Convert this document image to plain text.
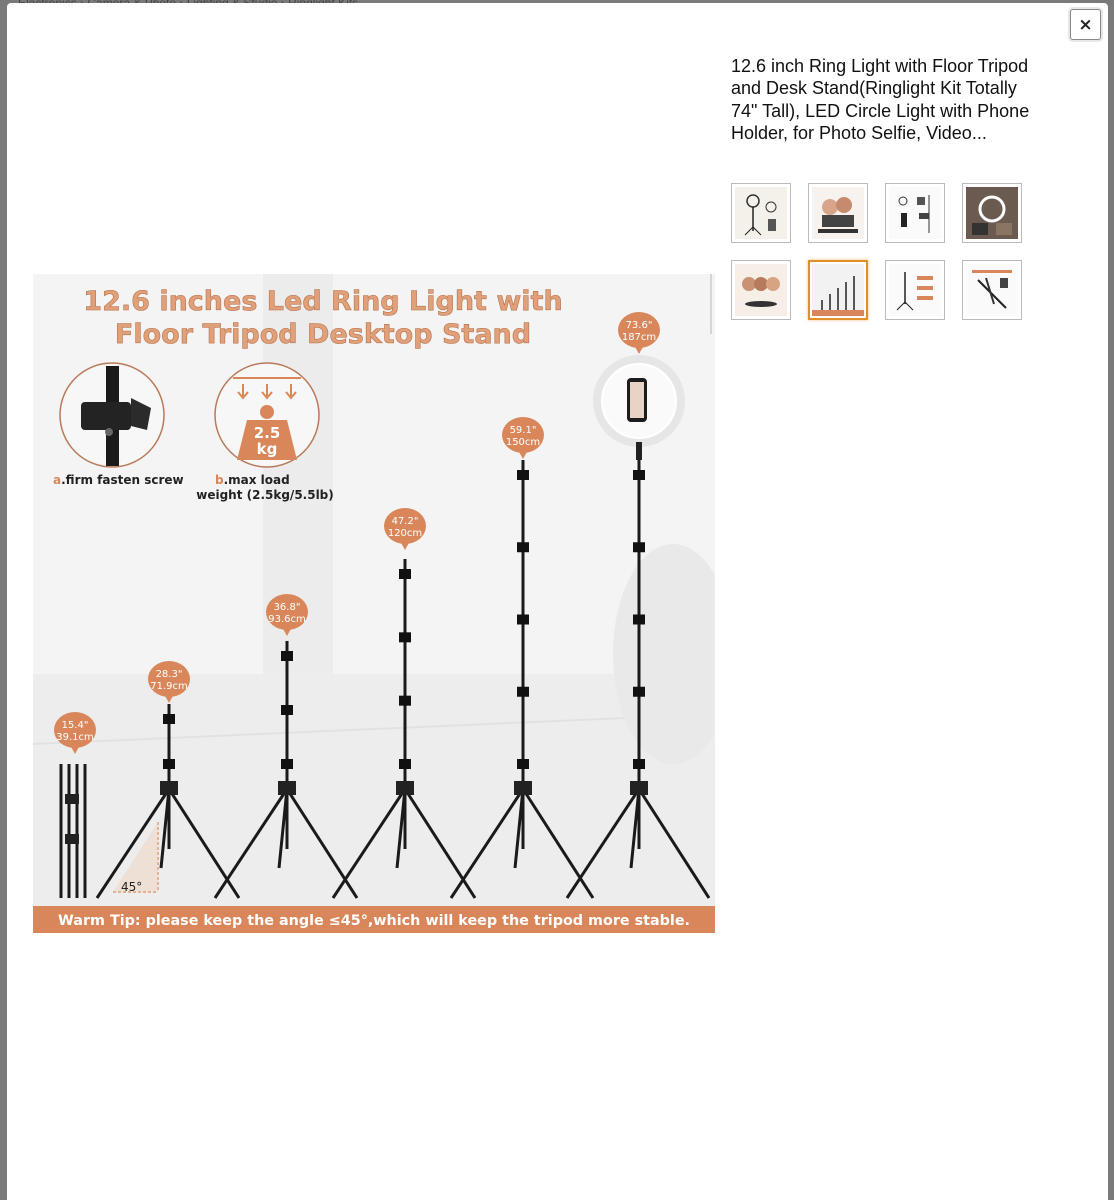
×
12.6 inches Led Ring Light with
Floor Tripod Desktop Stand
a.firm fasten screw
2.5
kg
b.max load
weight (2.5kg/5.5lb)
15.4"
39.1cm
28.3"
71.9cm
36.8"
93.6cm
47.2"
120cm
59.1"
150cm
73.6"
187cm
45°
Warm Tip: please keep the angle ≤45°,which will keep the tripod more stable.
12.6 inch Ring Light with Floor Tripod and Desk Stand(Ringlight Kit Totally 74" Tall), LED Circle Light with Phone Holder, for Photo Selfie, Video...
